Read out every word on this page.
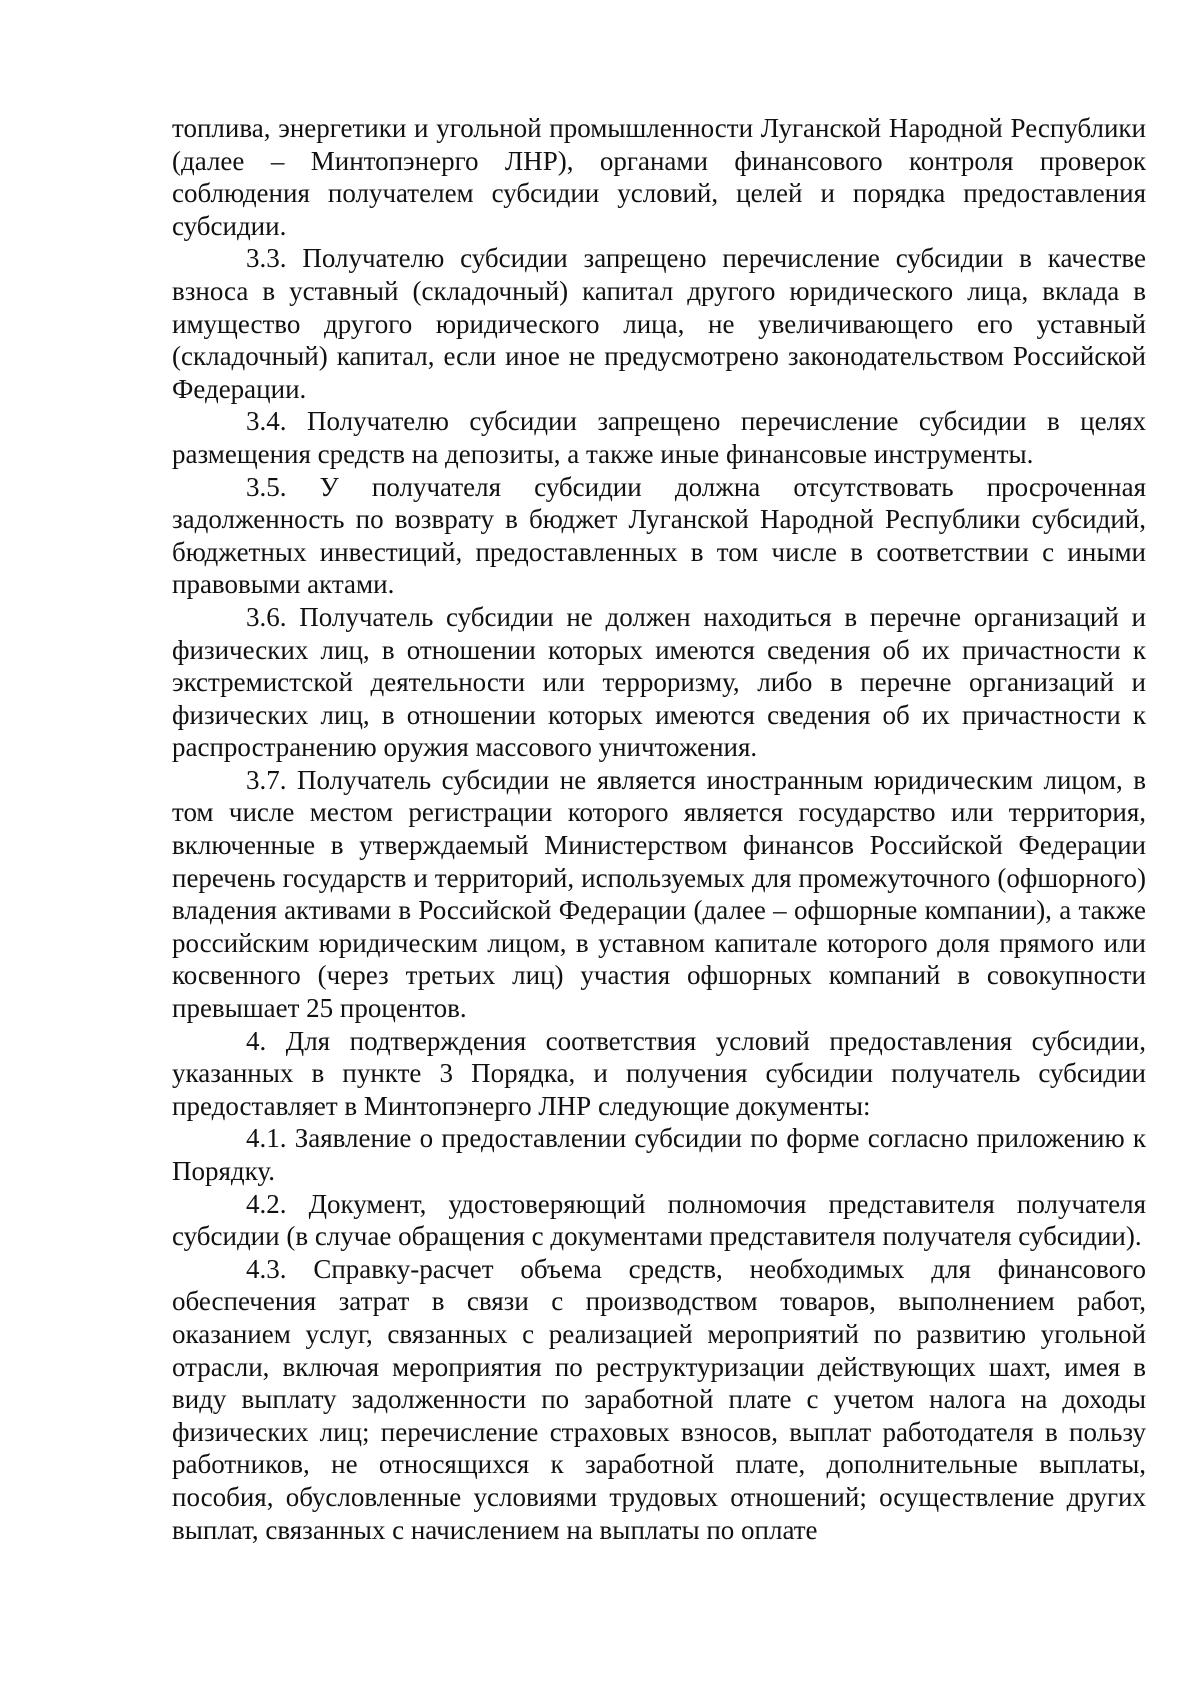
топлива, энергетики и угольной промышленности Луганской Народной Республики (далее – Минтопэнерго ЛНР), органами финансового контроля проверок соблюдения получателем субсидии условий, целей и порядка предоставления субсидии.

3.3. Получателю субсидии запрещено перечисление субсидии в качестве взноса в уставный (складочный) капитал другого юридического лица, вклада в имущество другого юридического лица, не увеличивающего его уставный (складочный) капитал, если иное не предусмотрено законодательством Российской Федерации.

3.4. Получателю субсидии запрещено перечисление субсидии в целях размещения средств на депозиты, а также иные финансовые инструменты.

3.5. У получателя субсидии должна отсутствовать просроченная задолженность по возврату в бюджет Луганской Народной Республики субсидий, бюджетных инвестиций, предоставленных в том числе в соответствии с иными правовыми актами.

3.6. Получатель субсидии не должен находиться в перечне организаций и физических лиц, в отношении которых имеются сведения об их причастности к экстремистской деятельности или терроризму, либо в перечне организаций и физических лиц, в отношении которых имеются сведения об их причастности к распространению оружия массового уничтожения.

3.7. Получатель субсидии не является иностранным юридическим лицом, в том числе местом регистрации которого является государство или территория, включенные в утверждаемый Министерством финансов Российской Федерации перечень государств и территорий, используемых для промежуточного (офшорного) владения активами в Российской Федерации (далее – офшорные компании), а также российским юридическим лицом, в уставном капитале которого доля прямого или косвенного (через третьих лиц) участия офшорных компаний в совокупности превышает 25 процентов.

4. Для подтверждения соответствия условий предоставления субсидии, указанных в пункте 3 Порядка, и получения субсидии получатель субсидии предоставляет в Минтопэнерго ЛНР следующие документы:

4.1. Заявление о предоставлении субсидии по форме согласно приложению к Порядку.

4.2. Документ, удостоверяющий полномочия представителя получателя субсидии (в случае обращения с документами представителя получателя субсидии).

4.3. Справку-расчет объема средств, необходимых для финансового обеспечения затрат в связи с производством товаров, выполнением работ, оказанием услуг, связанных с реализацией мероприятий по развитию угольной отрасли, включая мероприятия по реструктуризации действующих шахт, имея в виду выплату задолженности по заработной плате с учетом налога на доходы физических лиц; перечисление страховых взносов, выплат работодателя в пользу работников, не относящихся к заработной плате, дополнительные выплаты, пособия, обусловленные условиями трудовых отношений; осуществление других выплат, связанных с начислением на выплаты по оплате
